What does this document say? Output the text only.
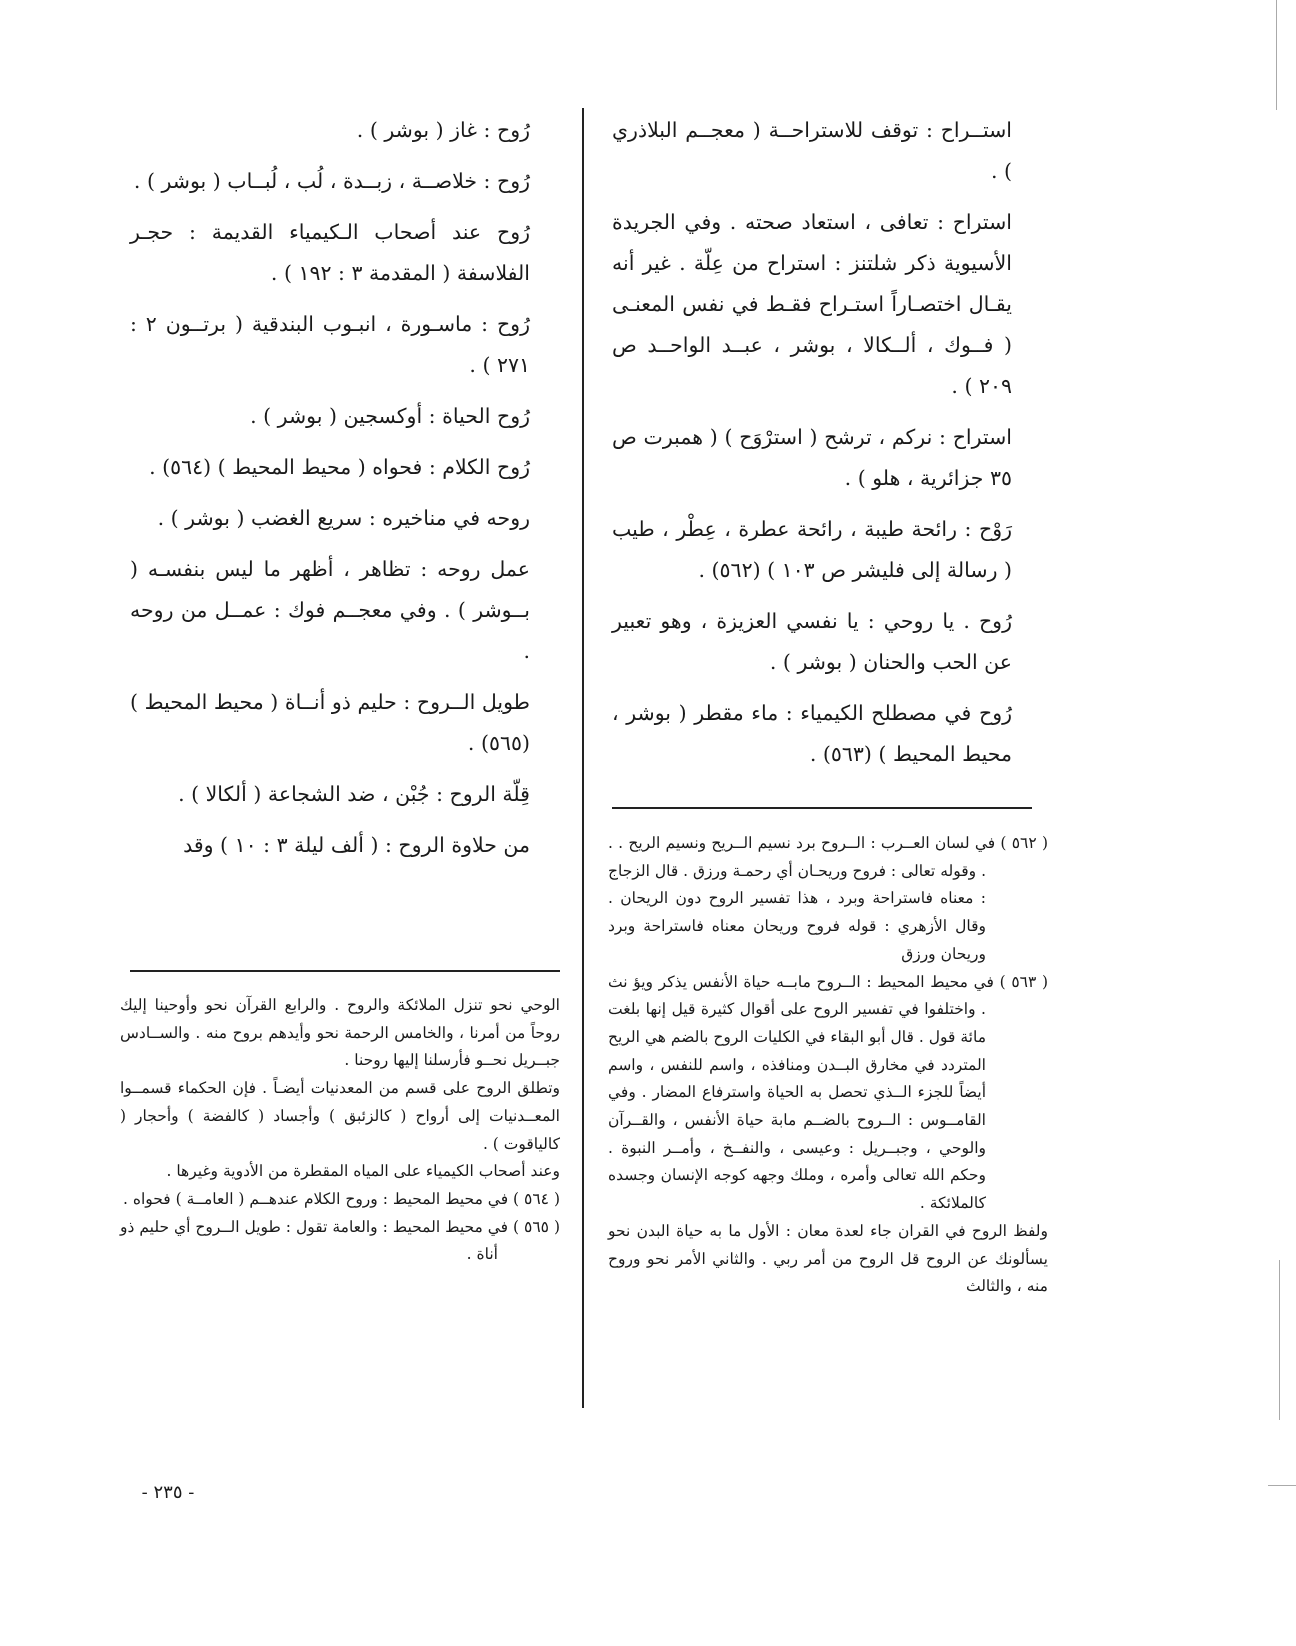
استــراح : توقف للاستراحــة ( معجــم البلاذري ) .

استراح : تعافى ، استعاد صحته . وفي الجريدة الأسيوية ذكر شلتنز : استراح من عِلّة . غير أنه يقـال اختصـاراً استـراح فقـط في نفس المعنـى ( فــوك ، ألــكالا ، بوشر ، عبــد الواحــد ص ٢٠٩ ) .

استراح : نركم ، ترشح ( استرْوَح ) ( همبرت ص ٣٥ جزائرية ، هلو ) .

رَوْح : رائحة طيبة ، رائحة عطرة ، عِطْر ، طيب ( رسالة إلى فليشر ص ١٠٣ ) (٥٦٢) .

رُوح . يا روحي : يا نفسي العزيزة ، وهو تعبير عن الحب والحنان ( بوشر ) .

رُوح في مصطلح الكيمياء : ماء مقطر ( بوشر ، محيط المحيط ) (٥٦٣) .

رُوح : غاز ( بوشر ) .

رُوح : خلاصــة ، زبــدة ، لُب ، لُبــاب ( بوشر ) .

رُوح عند أصحاب الـكيمياء القديمة : حجـر الفلاسفة ( المقدمة ٣ : ١٩٢ ) .

رُوح : ماسـورة ، انبـوب البندقية ( برتــون ٢ : ٢٧١ ) .

رُوح الحياة : أوكسجين ( بوشر ) .

رُوح الكلام : فحواه ( محيط المحيط ) (٥٦٤) .

روحه في مناخيره : سريع الغضب ( بوشر ) .

عمل روحه : تظاهر ، أظهر ما ليس بنفسـه ( بــوشر ) . وفي معجــم فوك : عمــل من روحه .

طويل الــروح : حليم ذو أنــاة ( محيط المحيط ) (٥٦٥) .

قِلّة الروح : جُبْن ، ضد الشجاعة ( ألكالا ) .

من حلاوة الروح : ( ألف ليلة ٣ : ١٠ ) وقد	( ٥٦٢ ) في لسان العــرب : الــروح برد نسيم الــريح ونسيم الريح . . . وقوله تعالى : فروح وريحـان أي رحمـة ورزق . قال الزجاج : معناه فاستراحة وبرد ، هذا تفسير الروح دون الريحان . وقال الأزهري : قوله فروح وريحان معناه فاستراحة وبرد وريحان ورزق

( ٥٦٣ ) في محيط المحيط : الــروح مابــه حياة الأنفس يذكر ويؤ نث . واختلفوا في تفسير الروح على أقوال كثيرة قيل إنها بلغت مائة قول . قال أبو البقاء في الكليات الروح بالضم هي الريح المتردد في مخارق البــدن ومنافذه ، واسم للنفس ، واسم أيضاً للجزء الــذي تحصل به الحياة واسترفاع المضار . وفي القامــوس : الــروح بالضــم مابة حياة الأنفس ، والقــرآن والوحي ، وجبــريل : وعيسى ، والنفــخ ، وأمــر النبوة . وحكم الله تعالى وأمره ، وملك وجهه كوجه الإنسان وجسده كالملائكة .

ولفظ الروح في القران جاء لعدة معان : الأول ما به حياة البدن نحو يسألونك عن الروح قل الروح من أمر ربي . والثاني الأمر نحو وروح منه ، والثالث

الوحي نحو تنزل الملائكة والروح . والرابع القرآن نحو وأوحينا إليك روحاً من أمرنا ، والخامس الرحمة نحو وأيدهم بروح منه . والســادس جبــريل نحــو فأرسلنا إليها روحنا .

وتطلق الروح على قسم من المعدنيات أيضـاً . فإن الحكماء قسمــوا المعــدنيات إلى أرواح ( كالزئبق ) وأجساد ( كالفضة ) وأحجار ( كالياقوت ) .

وعند أصحاب الكيمياء على المياه المقطرة من الأدوية وغيرها .

( ٥٦٤ ) في محيط المحيط : وروح الكلام عندهــم ( العامــة ) فحواه .

( ٥٦٥ ) في محيط المحيط : والعامة تقول : طويل الــروح أي حليم ذو أناة .

- ٢٣٥ -
